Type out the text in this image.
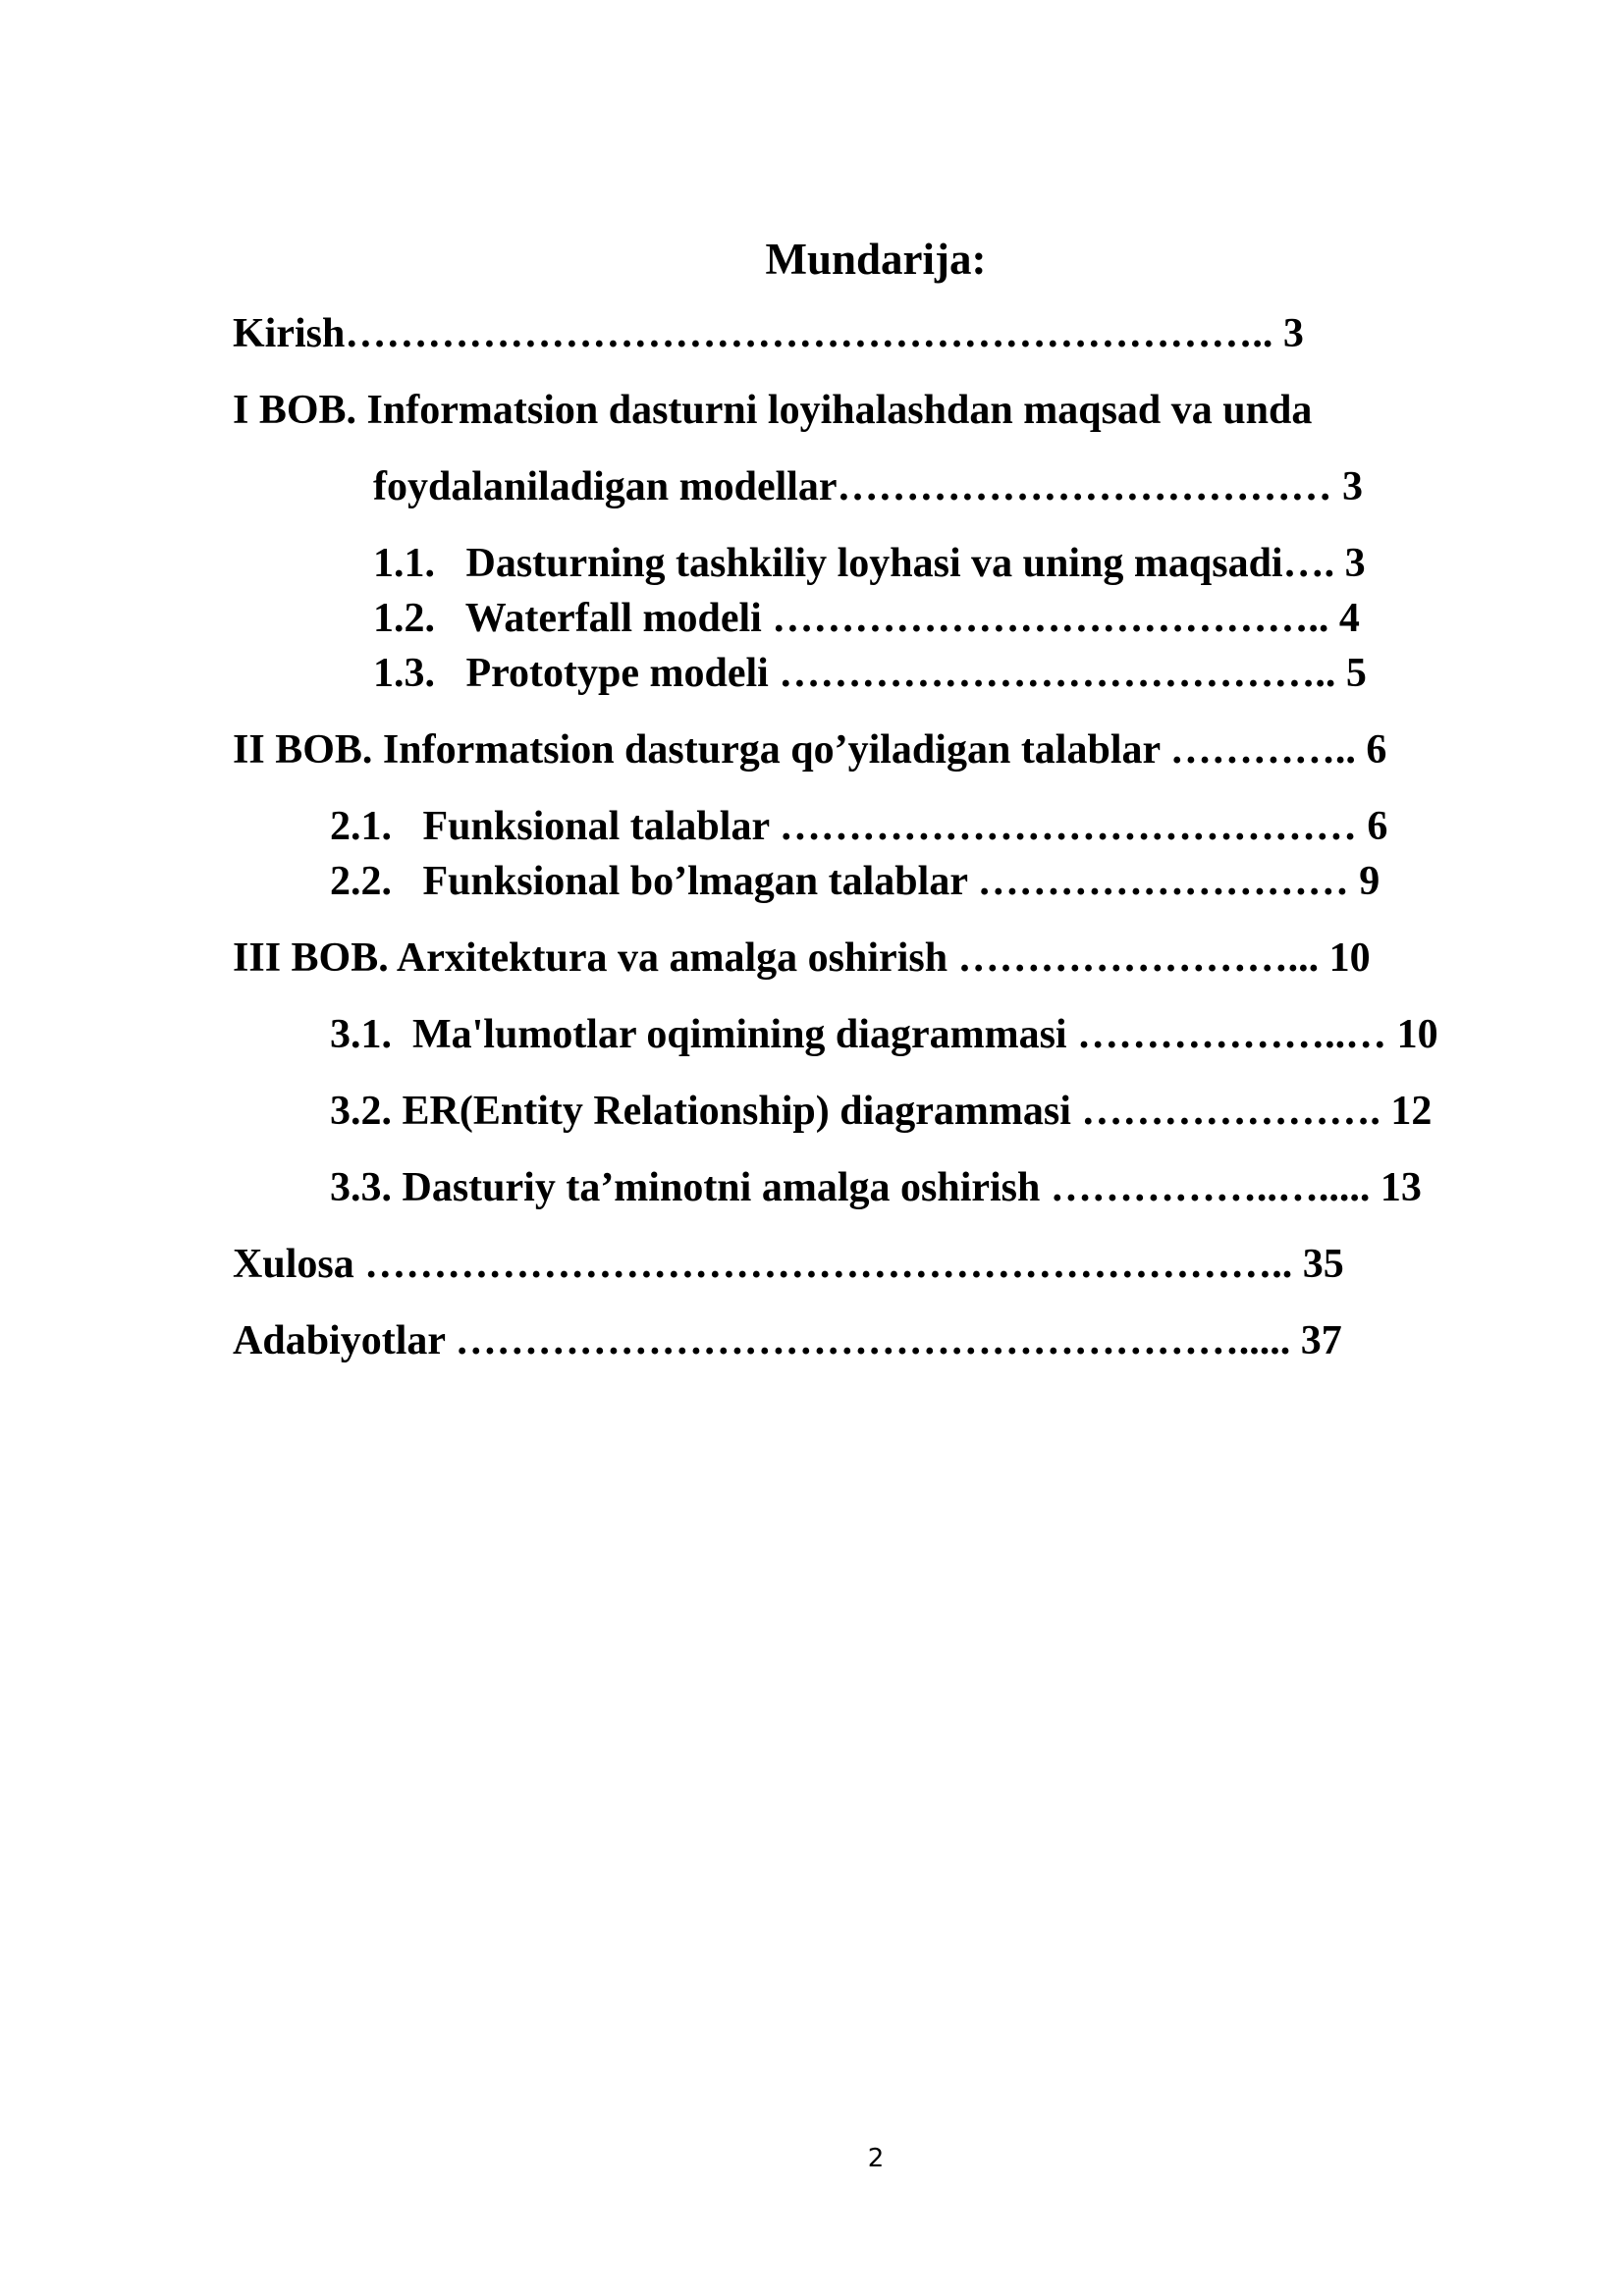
Mundarija:
Kirish………………………………………………………….. 3
I BOB. Informatsion dasturni loyihalashdan maqsad va unda
foydalaniladigan modellar……………………………… 3
1.1.   Dasturning tashkiliy loyhasi va uning maqsadi…. 3
1.2.   Waterfall modeli ………………………………….. 4
1.3.   Prototype modeli ………………………………….. 5
II BOB. Informatsion dasturga qo’yiladigan talablar ………….. 6
2.1.   Funksional talablar …………………………………… 6
2.2.   Funksional bo’lmagan talablar ……………………… 9
III BOB. Arxitektura va amalga oshirish ……………………... 10
3.1.  Ma'lumotlar oqimining diagrammasi ………………..… 10
3.2. ER(Entity Relationship) diagrammasi …………………. 12
3.3. Dasturiy ta’minotni amalga oshirish ……………..…..... 13
Xulosa ………………………………………………………….. 35
Adabiyotlar …………………………………………………..... 37
2
